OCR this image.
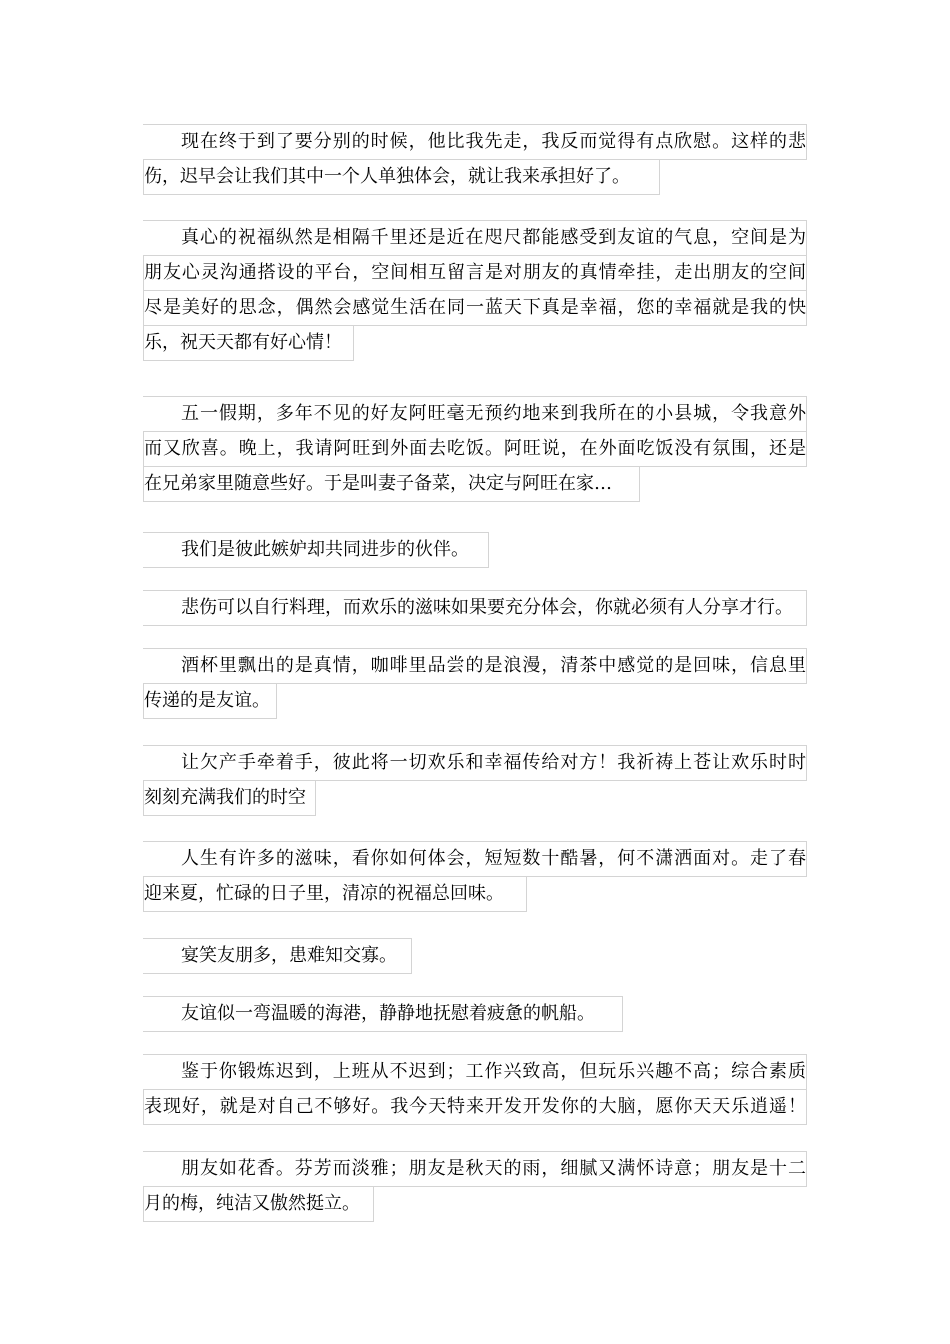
现在终于到了要分别的时候，他比我先走，我反而觉得有点欣慰。这样的悲
伤，迟早会让我们其中一个人单独体会，就让我来承担好了。
真心的祝福纵然是相隔千里还是近在咫尺都能感受到友谊的气息，空间是为
朋友心灵沟通搭设的平台，空间相互留言是对朋友的真情牵挂，走出朋友的空间
尽是美好的思念，偶然会感觉生活在同一蓝天下真是幸福，您的幸福就是我的快
乐，祝天天都有好心情！
五一假期，多年不见的好友阿旺毫无预约地来到我所在的小县城，令我意外
而又欣喜。晚上，我请阿旺到外面去吃饭。阿旺说，在外面吃饭没有氛围，还是
在兄弟家里随意些好。于是叫妻子备菜，决定与阿旺在家…
我们是彼此嫉妒却共同进步的伙伴。
悲伤可以自行料理，而欢乐的滋味如果要充分体会，你就必须有人分享才行。
酒杯里飘出的是真情，咖啡里品尝的是浪漫，清茶中感觉的是回味，信息里
传递的是友谊。
让欠产手牵着手，彼此将一切欢乐和幸福传给对方！我祈祷上苍让欢乐时时
刻刻充满我们的时空
人生有许多的滋味，看你如何体会，短短数十酷暑，何不潇洒面对。走了春
迎来夏，忙碌的日子里，清凉的祝福总回味。
宴笑友朋多，患难知交寡。
友谊似一弯温暖的海港，静静地抚慰着疲惫的帆船。
鉴于你锻炼迟到，上班从不迟到；工作兴致高，但玩乐兴趣不高；综合素质
表现好，就是对自己不够好。我今天特来开发开发你的大脑，愿你天天乐逍遥！
朋友如花香。芬芳而淡雅；朋友是秋天的雨，细腻又满怀诗意；朋友是十二
月的梅，纯洁又傲然挺立。
